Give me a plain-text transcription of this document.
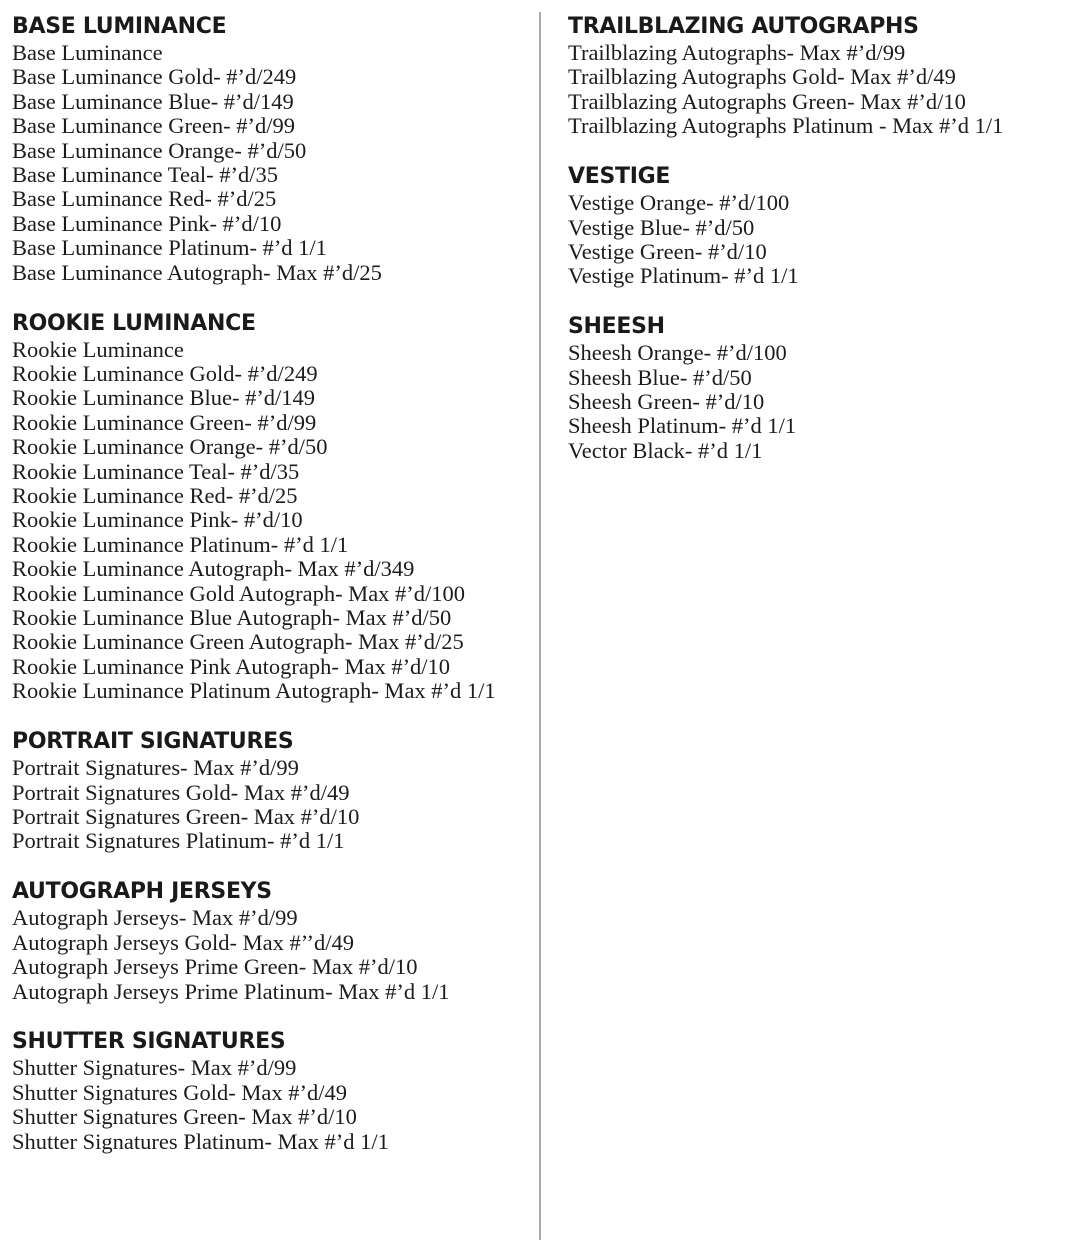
BASE LUMINANCE
Base Luminance
Base Luminance Gold- #’d/249
Base Luminance Blue- #’d/149
Base Luminance Green- #’d/99
Base Luminance Orange- #’d/50
Base Luminance Teal- #’d/35
Base Luminance Red- #’d/25
Base Luminance Pink- #’d/10
Base Luminance Platinum- #’d 1/1
Base Luminance Autograph- Max #’d/25
ROOKIE LUMINANCE
Rookie Luminance
Rookie Luminance Gold- #’d/249
Rookie Luminance Blue- #’d/149
Rookie Luminance Green- #’d/99
Rookie Luminance Orange- #’d/50
Rookie Luminance Teal- #’d/35
Rookie Luminance Red- #’d/25
Rookie Luminance Pink- #’d/10
Rookie Luminance Platinum- #’d 1/1
Rookie Luminance Autograph- Max #’d/349
Rookie Luminance Gold Autograph- Max #’d/100
Rookie Luminance Blue Autograph- Max #’d/50
Rookie Luminance Green Autograph- Max #’d/25
Rookie Luminance Pink Autograph- Max #’d/10
Rookie Luminance Platinum Autograph- Max #’d 1/1
PORTRAIT SIGNATURES
Portrait Signatures- Max #’d/99
Portrait Signatures Gold- Max #’d/49
Portrait Signatures Green- Max #’d/10
Portrait Signatures Platinum- #’d 1/1
AUTOGRAPH JERSEYS
Autograph Jerseys- Max #’d/99
Autograph Jerseys Gold- Max #’’d/49
Autograph Jerseys Prime Green- Max #’d/10
Autograph Jerseys Prime Platinum- Max #’d 1/1
SHUTTER SIGNATURES
Shutter Signatures- Max #’d/99
Shutter Signatures Gold- Max #’d/49
Shutter Signatures Green- Max #’d/10
Shutter Signatures Platinum- Max #’d 1/1
TRAILBLAZING AUTOGRAPHS
Trailblazing Autographs- Max #’d/99
Trailblazing Autographs Gold- Max #’d/49
Trailblazing Autographs Green- Max #’d/10
Trailblazing Autographs Platinum - Max #’d 1/1
VESTIGE
Vestige Orange- #’d/100
Vestige Blue- #’d/50
Vestige Green- #’d/10
Vestige Platinum- #’d 1/1
SHEESH
Sheesh Orange- #’d/100
Sheesh Blue- #’d/50
Sheesh Green- #’d/10
Sheesh Platinum- #’d 1/1
Vector Black- #’d 1/1
